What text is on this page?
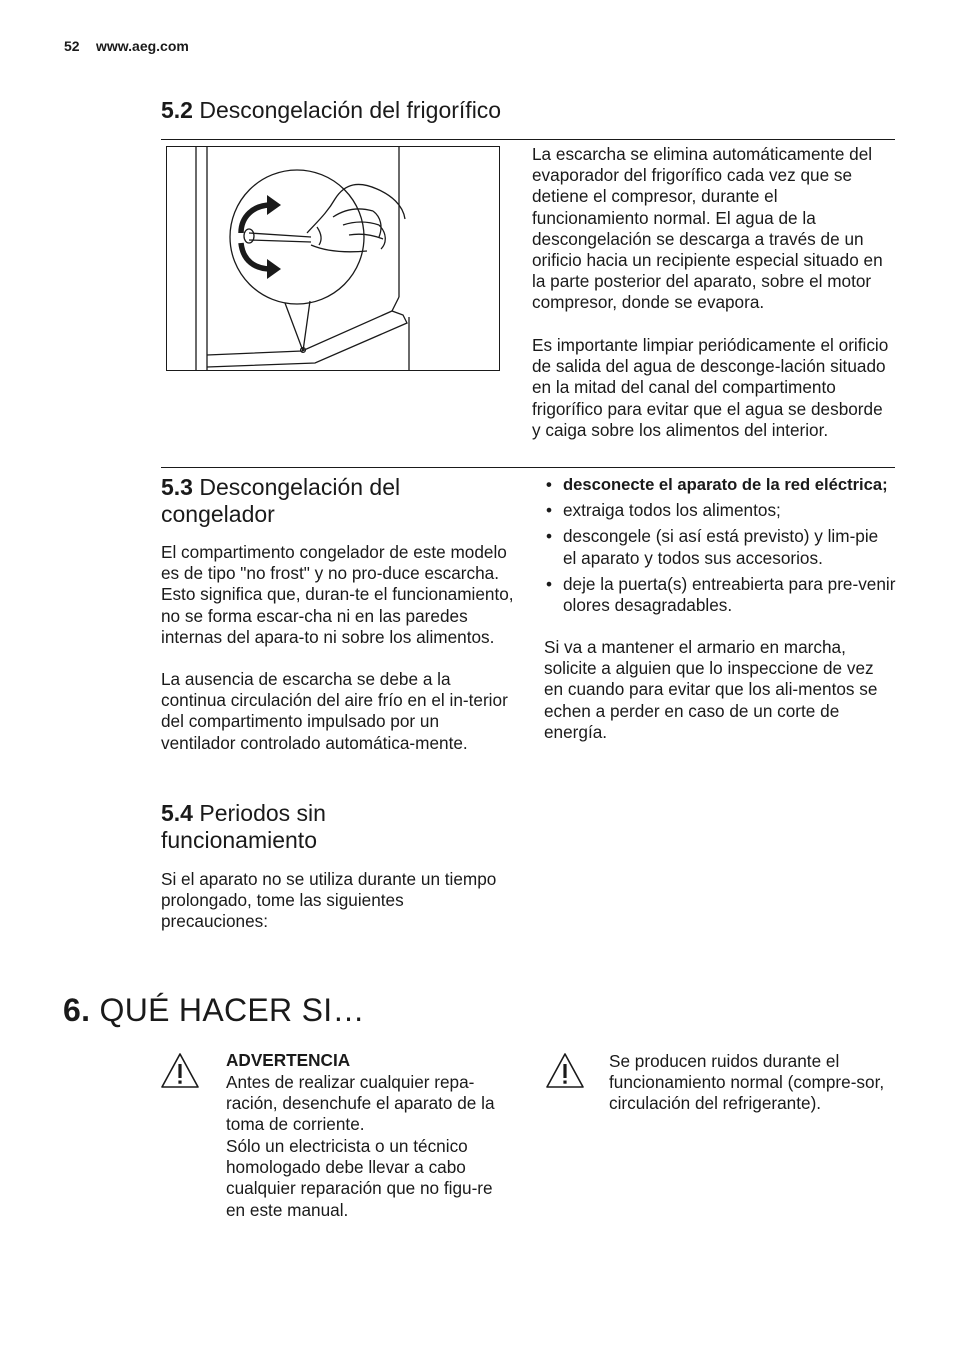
52 www.aeg.com
5.2 Descongelación del frigorífico

La escarcha se elimina automáticamente del evaporador del frigorífico cada vez que se detiene el compresor, durante el funcionamiento normal. El agua de la descongelación se descarga a través de un orificio hacia un recipiente especial situado en la parte posterior del aparato, sobre el motor compresor, donde se evapora.

Es importante limpiar periódicamente el orificio de salida del agua de desconge-lación situado en la mitad del canal del compartimento frigorífico para evitar que el agua se desborde y caiga sobre los alimentos del interior.

5.3 Descongelación del congelador

El compartimento congelador de este modelo es de tipo "no frost" y no pro-duce escarcha. Esto significa que, duran-te el funcionamiento, no se forma escar-cha ni en las paredes internas del apara-to ni sobre los alimentos.

La ausencia de escarcha se debe a la continua circulación del aire frío en el in-terior del compartimento impulsado por un ventilador controlado automática-mente.

5.4 Periodos sin funcionamiento

Si el aparato no se utiliza durante un tiempo prolongado, tome las siguientes precauciones:

• desconecte el aparato de la red eléctrica;
• extraiga todos los alimentos;
• descongele (si así está previsto) y lim-pie el aparato y todos sus accesorios.
• deje la puerta(s) entreabierta para pre-venir olores desagradables.

Si va a mantener el armario en marcha, solicite a alguien que lo inspeccione de vez en cuando para evitar que los ali-mentos se echen a perder en caso de un corte de energía.

6. QUÉ HACER SI…

ADVERTENCIA

Antes de realizar cualquier repa-ración, desenchufe el aparato de la toma de corriente.

Sólo un electricista o un técnico homologado debe llevar a cabo cualquier reparación que no figu-re en este manual.

Se producen ruidos durante el funcionamiento normal (compre-sor, circulación del refrigerante).
